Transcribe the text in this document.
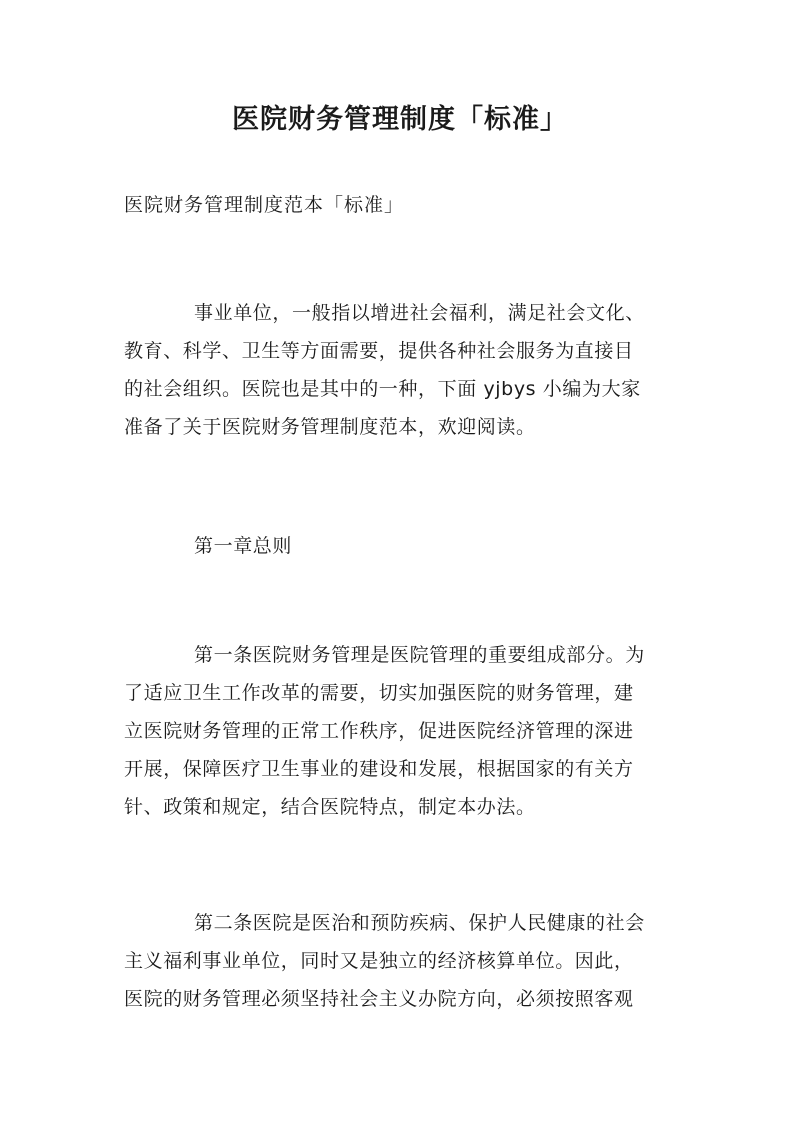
医院财务管理制度「标准」

医院财务管理制度范本「标准」

事业单位，一般指以增进社会福利，满足社会文化、
教育、科学、卫生等方面需要，提供各种社会服务为直接目
的社会组织。医院也是其中的一种，下面 yjbys 小编为大家
准备了关于医院财务管理制度范本，欢迎阅读。
第一章总则
第一条医院财务管理是医院管理的重要组成部分。为
了适应卫生工作改革的需要，切实加强医院的财务管理，建
立医院财务管理的正常工作秩序，促进医院经济管理的深进
开展，保障医疗卫生事业的建设和发展，根据国家的有关方
针、政策和规定，结合医院特点，制定本办法。
第二条医院是医治和预防疾病、保护人民健康的社会
主义福利事业单位，同时又是独立的经济核算单位。因此，
医院的财务管理必须坚持社会主义办院方向，必须按照客观
